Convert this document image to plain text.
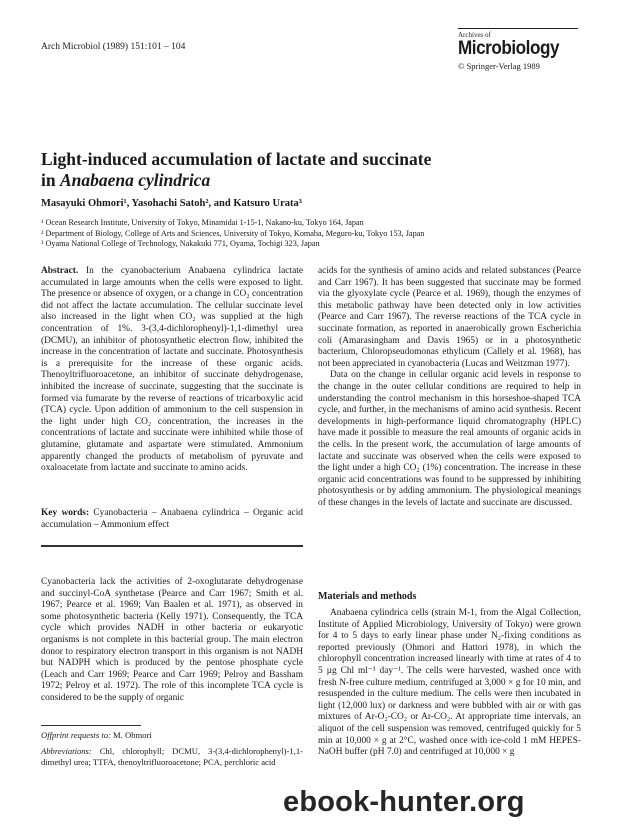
Arch Microbiol (1989) 151:101 – 104
Archives of
Microbiology
© Springer-Verlag 1989
Light-induced accumulation of lactate and succinate
in Anabaena cylindrica
Masayuki Ohmori¹, Yasohachi Satoh², and Katsuro Urata³
¹ Ocean Research Institute, University of Tokyo, Minamidai 1-15-1, Nakano-ku, Tokyo 164, Japan
² Department of Biology, College of Arts and Sciences, University of Tokyo, Komaba, Meguro-ku, Tokyo 153, Japan
³ Oyama National College of Technology, Nakakuki 771, Oyama, Tochigi 323, Japan
Abstract. In the cyanobacterium Anabaena cylindrica lactate accumulated in large amounts when the cells were exposed to light. The presence or absence of oxygen, or a change in CO₂ concentration did not affect the lactate accumulation. The cellular succinate level also increased in the light when CO₂ was supplied at the high concentration of 1%. 3-(3,4-dichlorophenyl)-1,1-dimethyl urea (DCMU), an inhibitor of photosynthetic electron flow, inhibited the increase in the concentration of lactate and succinate. Photosynthesis is a prerequisite for the increase of these organic acids. Thenoyltrifluoroacetone, an inhibitor of succinate dehydrogenase, inhibited the increase of succinate, suggesting that the succinate is formed via fumarate by the reverse of reactions of tricarboxylic acid (TCA) cycle. Upon addition of ammonium to the cell suspension in the light under high CO₂ concentration, the increases in the concentrations of lactate and succinate were inhibited while those of glutamine, glutamate and aspartate were stimulated. Ammonium apparently changed the products of metabolism of pyruvate and oxaloacetate from lactate and succinate to amino acids.
Key words: Cyanobacteria – Anabaena cylindrica – Organic acid accumulation – Ammonium effect
Cyanobacteria lack the activities of 2-oxoglutarate dehydrogenase and succinyl-CoA synthetase (Pearce and Carr 1967; Smith et al. 1967; Pearce et al. 1969; Van Baalen et al. 1971), as observed in some photosynthetic bacteria (Kelly 1971). Consequently, the TCA cycle which provides NADH in other bacteria or eukaryotic organisms is not complete in this bacterial group. The main electron donor to respiratory electron transport in this organism is not NADH but NADPH which is produced by the pentose phosphate cycle (Leach and Carr 1969; Pearce and Carr 1969; Pelroy and Bassham 1972; Pelroy et al. 1972). The role of this incomplete TCA cycle is considered to be the supply of organic
Offprint requests to: M. Ohmori
Abbreviations: Chl, chlorophyll; DCMU, 3-(3,4-dichlorophenyl)-1,1-dimethyl urea; TTFA, thenoyltrifluoroacetone; PCA, perchloric acid
acids for the synthesis of amino acids and related substances (Pearce and Carr 1967). It has been suggested that succinate may be formed via the glyoxylate cycle (Pearce et al. 1969), though the enzymes of this metabolic pathway have been detected only in low activities (Pearce and Carr 1967). The reverse reactions of the TCA cycle in succinate formation, as reported in anaerobically grown Escherichia coli (Amarasingham and Davis 1965) or in a photosynthetic bacterium, Chloropseudomonas ethylicum (Callely et al. 1968), has not been appreciated in cyanobacteria (Lucas and Weitzman 1977).
Data on the change in cellular organic acid levels in response to the change in the outer cellular conditions are required to help in understanding the control mechanism in this horseshoe-shaped TCA cycle, and further, in the mechanisms of amino acid synthesis. Recent developments in high-performance liquid chromatography (HPLC) have made it possible to measure the real amounts of organic acids in the cells. In the present work, the accumulation of large amounts of lactate and succinate was observed when the cells were exposed to the light under a high CO₂ (1%) concentration. The increase in these organic acid concentrations was found to be suppressed by inhibiting photosynthesis or by adding ammonium. The physiological meanings of these changes in the levels of lactate and succinate are discussed.
Materials and methods
Anabaena cylindrica cells (strain M-1, from the Algal Collection, Institute of Applied Microbiology, University of Tokyo) were grown for 4 to 5 days to early linear phase under N₂-fixing conditions as reported previously (Ohmori and Hattori 1978), in which the chlorophyll concentration increased linearly with time at rates of 4 to 5 µg Chl ml⁻¹ day⁻¹. The cells were harvested, washed once with fresh N-free culture medium, centrifuged at 3,000 × g for 10 min, and resuspended in the culture medium. The cells were then incubated in light (12,000 lux) or darkness and were bubbled with air or with gas mixtures of Ar-O₂-CO₂ or Ar-CO₂. At appropriate time intervals, an aliquot of the cell suspension was removed, centrifuged quickly for 5 min at 10,000 × g at 2°C, washed once with ice-cold 1 mM HEPES-NaOH buffer (pH 7.0) and centrifuged at 10,000 × g
ebook-hunter.org
